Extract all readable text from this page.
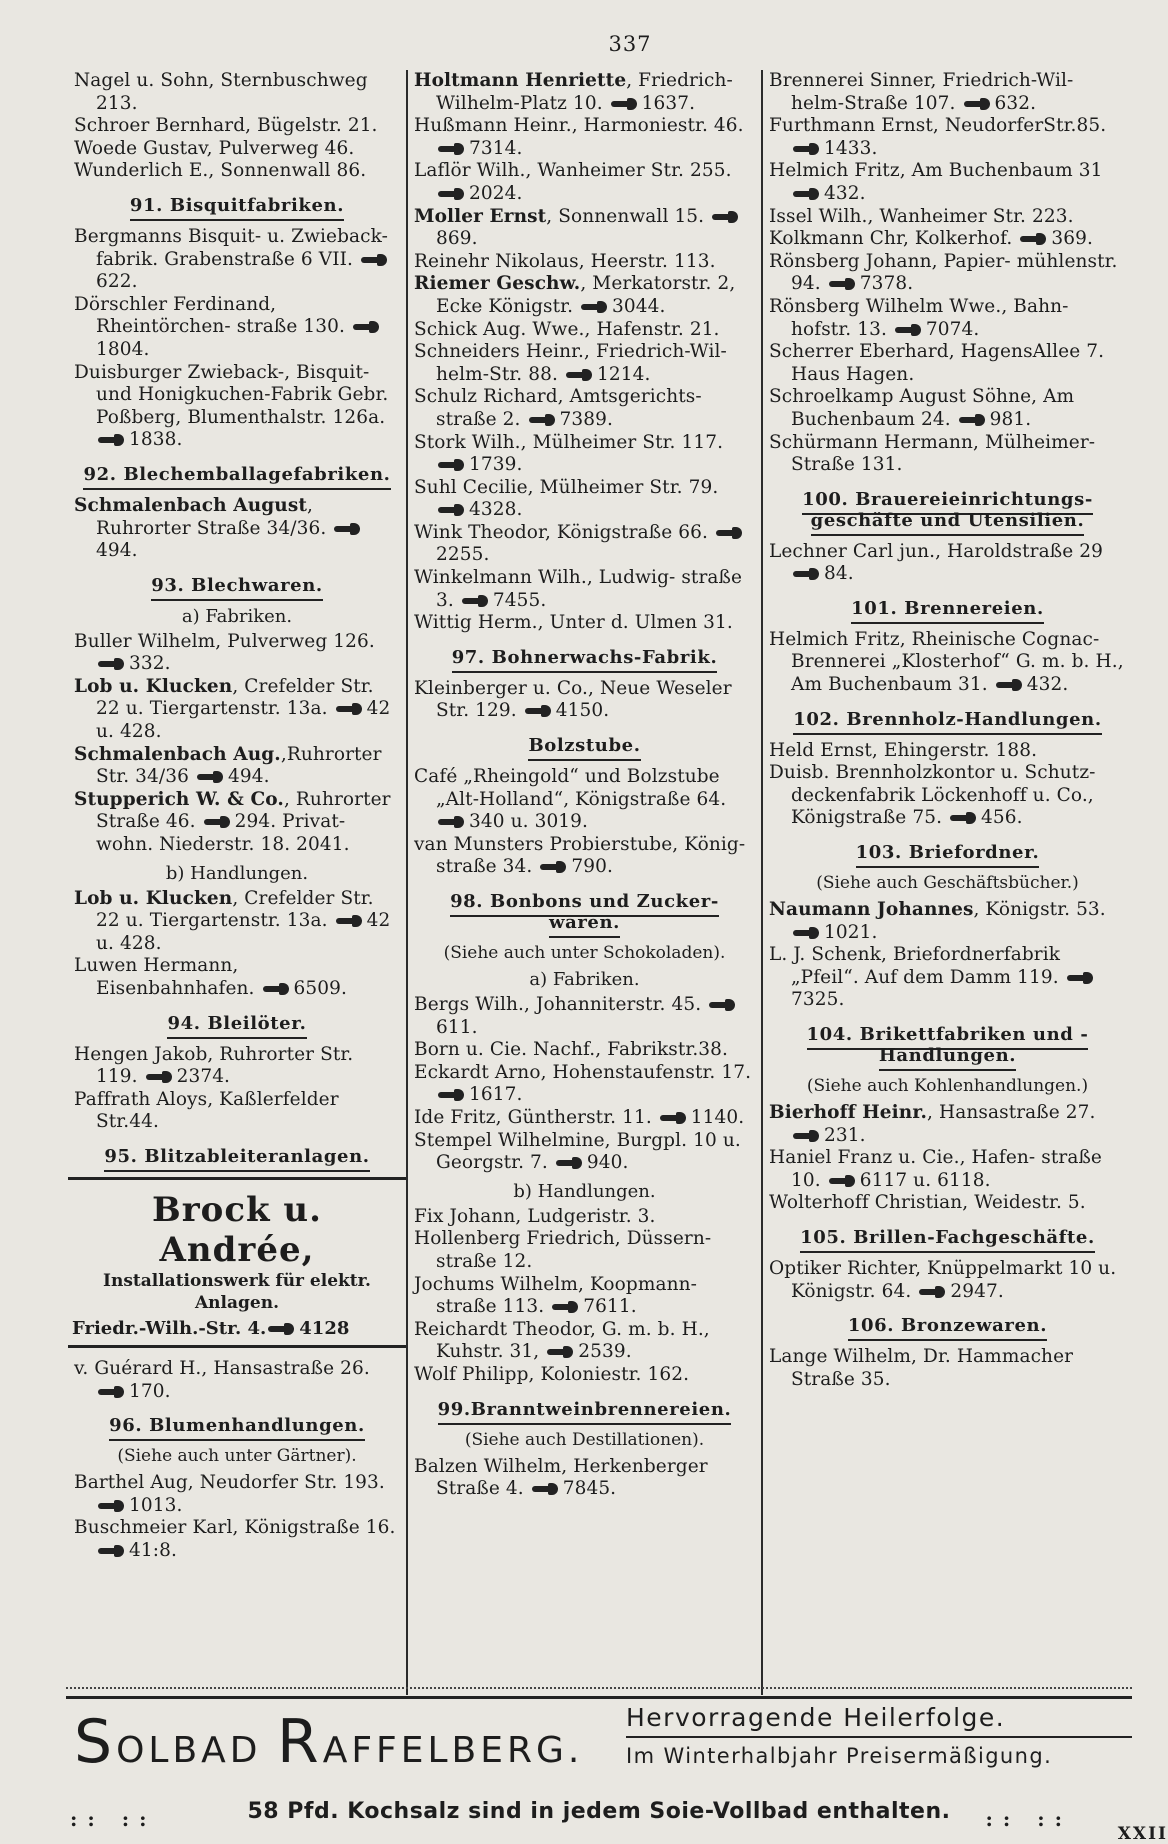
337
Nagel u. Sohn, Sternbuschweg 213.
Schroer Bernhard, Bügelstr. 21.
Woede Gustav, Pulverweg 46.
Wunderlich E., Sonnenwall 86.
91. Bisquitfabriken.
Bergmanns Bisquit- u. Zwieback- fabrik. Grabenstraße 6 VII. 622.
Dörschler Ferdinand, Rheintörchen- straße 130. 1804.
Duisburger Zwieback-, Bisquit- und Honigkuchen-Fabrik Gebr. Poßberg, Blumenthalstr. 126a. 1838.
92. Blechemballagefabriken.
Schmalenbach August, Ruhrorter Straße 34/36. 494.
93. Blechwaren.
a) Fabriken.
Buller Wilhelm, Pulverweg 126. 332.
Lob u. Klucken, Crefelder Str. 22 u. Tiergartenstr. 13a. 42 u. 428.
Schmalenbach Aug.,Ruhrorter Str. 34/36 494.
Stupperich W. & Co., Ruhrorter Straße 46. 294. Privat- wohn. Niederstr. 18. 2041.
b) Handlungen.
Lob u. Klucken, Crefelder Str. 22 u. Tiergartenstr. 13a. 42 u. 428.
Luwen Hermann, Eisenbahnhafen. 6509.
94. Bleilöter.
Hengen Jakob, Ruhrorter Str. 119. 2374.
Paffrath Aloys, Kaßlerfelder Str.44.
95. Blitzableiteranlagen.
Brock u. Andrée,
Installationswerk für elektr.
Anlagen.
Friedr.-Wilh.-Str. 4. 4128
v. Guérard H., Hansastraße 26. 170.
96. Blumenhandlungen.
(Siehe auch unter Gärtner).
Barthel Aug, Neudorfer Str. 193. 1013.
Buschmeier Karl, Königstraße 16. 41:8.
Holtmann Henriette, Friedrich- Wilhelm-Platz 10. 1637.
Hußmann Heinr., Harmoniestr. 46. 7314.
Laflör Wilh., Wanheimer Str. 255. 2024.
Moller Ernst, Sonnenwall 15. 869.
Reinehr Nikolaus, Heerstr. 113.
Riemer Geschw., Merkatorstr. 2, Ecke Königstr. 3044.
Schick Aug. Wwe., Hafenstr. 21.
Schneiders Heinr., Friedrich-Wil- helm-Str. 88. 1214.
Schulz Richard, Amtsgerichts- straße 2. 7389.
Stork Wilh., Mülheimer Str. 117. 1739.
Suhl Cecilie, Mülheimer Str. 79. 4328.
Wink Theodor, Königstraße 66. 2255.
Winkelmann Wilh., Ludwig- straße 3. 7455.
Wittig Herm., Unter d. Ulmen 31.
97. Bohnerwachs-Fabrik.
Kleinberger u. Co., Neue Weseler Str. 129. 4150.
Bolzstube.
Café „Rheingold“ und Bolzstube „Alt-Holland“, Königstraße 64. 340 u. 3019.
van Munsters Probierstube, König- straße 34. 790.
98. Bonbons und Zucker- waren.
(Siehe auch unter Schokoladen).
a) Fabriken.
Bergs Wilh., Johanniterstr. 45. 611.
Born u. Cie. Nachf., Fabrikstr.38.
Eckardt Arno, Hohenstaufenstr. 17. 1617.
Ide Fritz, Güntherstr. 11. 1140.
Stempel Wilhelmine, Burgpl. 10 u. Georgstr. 7. 940.
b) Handlungen.
Fix Johann, Ludgeristr. 3.
Hollenberg Friedrich, Düssern- straße 12.
Jochums Wilhelm, Koopmann- straße 113. 7611.
Reichardt Theodor, G. m. b. H., Kuhstr. 31, 2539.
Wolf Philipp, Koloniestr. 162.
99.Branntweinbrennereien.
(Siehe auch Destillationen).
Balzen Wilhelm, Herkenberger Straße 4. 7845.
Brennerei Sinner, Friedrich-Wil- helm-Straße 107. 632.
Furthmann Ernst, NeudorferStr.85. 1433.
Helmich Fritz, Am Buchenbaum 31 432.
Issel Wilh., Wanheimer Str. 223.
Kolkmann Chr, Kolkerhof. 369.
Rönsberg Johann, Papier- mühlenstr. 94. 7378.
Rönsberg Wilhelm Wwe., Bahn- hofstr. 13. 7074.
Scherrer Eberhard, HagensAllee 7. Haus Hagen.
Schroelkamp August Söhne, Am Buchenbaum 24. 981.
Schürmann Hermann, Mülheimer- Straße 131.
100. Brauereieinrichtungs- geschäfte und Utensilien.
Lechner Carl jun., Haroldstraße 29 84.
101. Brennereien.
Helmich Fritz, Rheinische Cognac- Brennerei „Klosterhof“ G. m. b. H., Am Buchenbaum 31. 432.
102. Brennholz-Handlungen.
Held Ernst, Ehingerstr. 188.
Duisb. Brennholzkontor u. Schutz- deckenfabrik Löckenhoff u. Co., Königstraße 75. 456.
103. Briefordner.
(Siehe auch Geschäftsbücher.)
Naumann Johannes, Königstr. 53. 1021.
L. J. Schenk, Briefordnerfabrik „Pfeil“. Auf dem Damm 119. 7325.
104. Brikettfabriken und -Handlungen.
(Siehe auch Kohlenhandlungen.)
Bierhoff Heinr., Hansastraße 27. 231.
Haniel Franz u. Cie., Hafen- straße 10. 6117 u. 6118.
Wolterhoff Christian, Weidestr. 5.
105. Brillen-Fachgeschäfte.
Optiker Richter, Knüppelmarkt 10 u. Königstr. 64. 2947.
106. Bronzewaren.
Lange Wilhelm, Dr. Hammacher Straße 35.
SOLBAD RAFFELBERG.
Hervorragende Heilerfolge.
Im Winterhalbjahr Preisermäßigung.
:: ::	58 Pfd. Kochsalz sind in jedem Soie-Vollbad enthalten.	:: ::
XXII
